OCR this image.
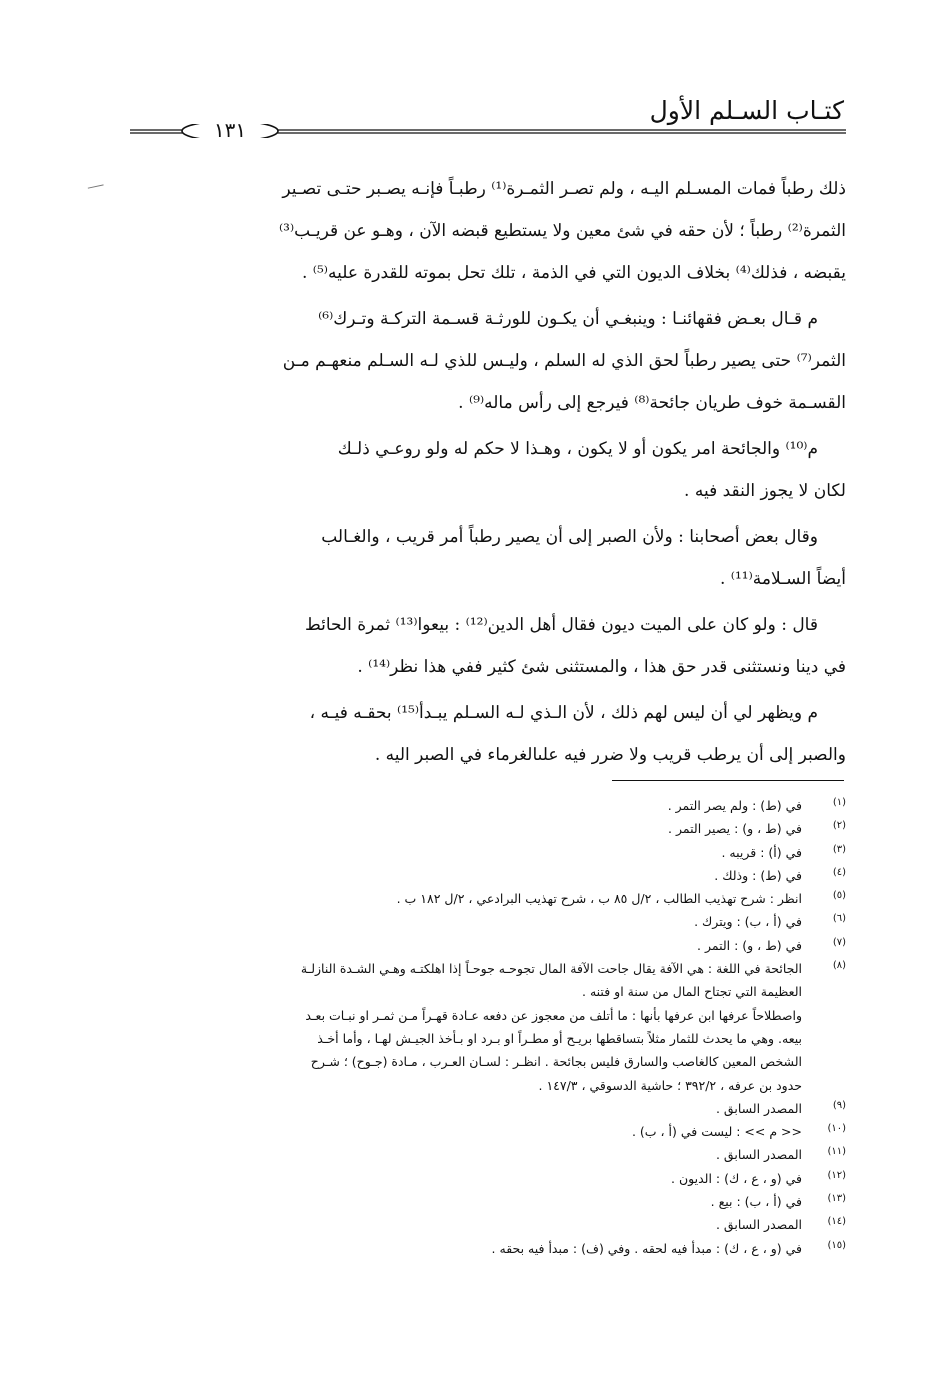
كتـاب السـلم الأول
١٣١

ذلك رطباً فمات المسـلم اليـه ، ولم تصـر الثمـرة⁽¹⁾ رطبـاً فإنـه يصـبر حتـى تصـير
الثمرة⁽²⁾ رطباً ؛ لأن حقه في شئ معين ولا يستطيع قبضه الآن ، وهـو عن قريـب⁽³⁾
يقبضه ، فذلك⁽⁴⁾ بخلاف الديون التي في الذمة ، تلك تحل بموته للقدرة عليه⁽⁵⁾ .

م قـال بعـض فقهائنـا : وينبغـي أن يكـون للورثـة قسـمة التركـة وتـرك⁽⁶⁾
الثمر⁽⁷⁾ حتى يصير رطباً لحق الذي له السلم ، وليـس للذي لـه السـلم منعهـم مـن
القسـمة خوف طريان جائحة⁽⁸⁾ فيرجع إلى رأس ماله⁽⁹⁾ .

م⁽¹⁰⁾ والجائحة امر يكون أو لا يكون ، وهـذا لا حكم له ولو روعـي ذلـك
لكان لا يجوز النقد فيه .

وقال بعض أصحابنا : ولأن الصبر إلى أن يصير رطباً أمر قريب ، والغـالب
أيضاً السـلامة⁽¹¹⁾ .

قال : ولو كان على الميت ديون فقال أهل الدين⁽¹²⁾ : بيعوا⁽¹³⁾ ثمرة الحائط
في دينا ونستثنى قدر حق هذا ، والمستثنى شئ كثير ففي هذا نظر⁽¹⁴⁾ .

م ويظهر لي أن ليس لهم ذلك ، لأن الـذي لـه السـلم يبـدأ⁽¹⁵⁾ بحقـه فيـه ،
والصبر إلى أن يرطب قريب ولا ضرر فيه علىالغرماء في الصبر اليه .

(١)
في (ط) : ولم يصر التمر .
(٢)
في (ط ، و) : يصير التمر .
(٣)
في (أ) : قريبه .
(٤)
في (ط) : وذلك .
(٥)
انظر : شرح تهذيب الطالب ، ٢/ل ٨٥ ب ، شرح تهذيب البرادعي ، ٢/ل ١٨٢ ب .
(٦)
في (أ ، ب) : ويترك .
(٧)
في (ط ، و) : التمر .
(٨)
الجائحة في اللغة : هي الآفة يقال جاحت الآفة المال تجوحـه جوحـاً إذا اهلكتـه وهـي الشـدة النازلـة
العظيمة التي تجتاح المال من سنة او فتنه .
واصطلاحاً عرفها ابن عرفها بأنها : ما أتلف من معجوز عن دفعه عـادة قهـراً مـن ثمـر او نبـات بعـد
بيعه. وهي ما يحدث للثمار مثلاً بتساقطها بريـح أو مطـراً او بـرد او بـأخذ الجيـش لهـا ، وأما أخـذ
الشخص المعين كالغاصب والسارق فليس بجائحة . انظـر : لسـان العـرب ، مـادة (جـوح) ؛ شـرح
حدود بن عرفه ، ٣٩٢/٢ ؛ حاشية الدسوقي ، ١٤٧/٣ .
(٩)
المصدر السابق .
(١٠)
<< م >> : ليست في (أ ، ب) .
(١١)
المصدر السابق .
(١٢)
في (و ، ع ، ك) : الديون .
(١٣)
في (أ ، ب) : بيع .
(١٤)
المصدر السابق .
(١٥)
في (و ، ع ، ك) : مبدأ فيه لحقه . وفي (ف) : مبدأ فيه بحقه .
